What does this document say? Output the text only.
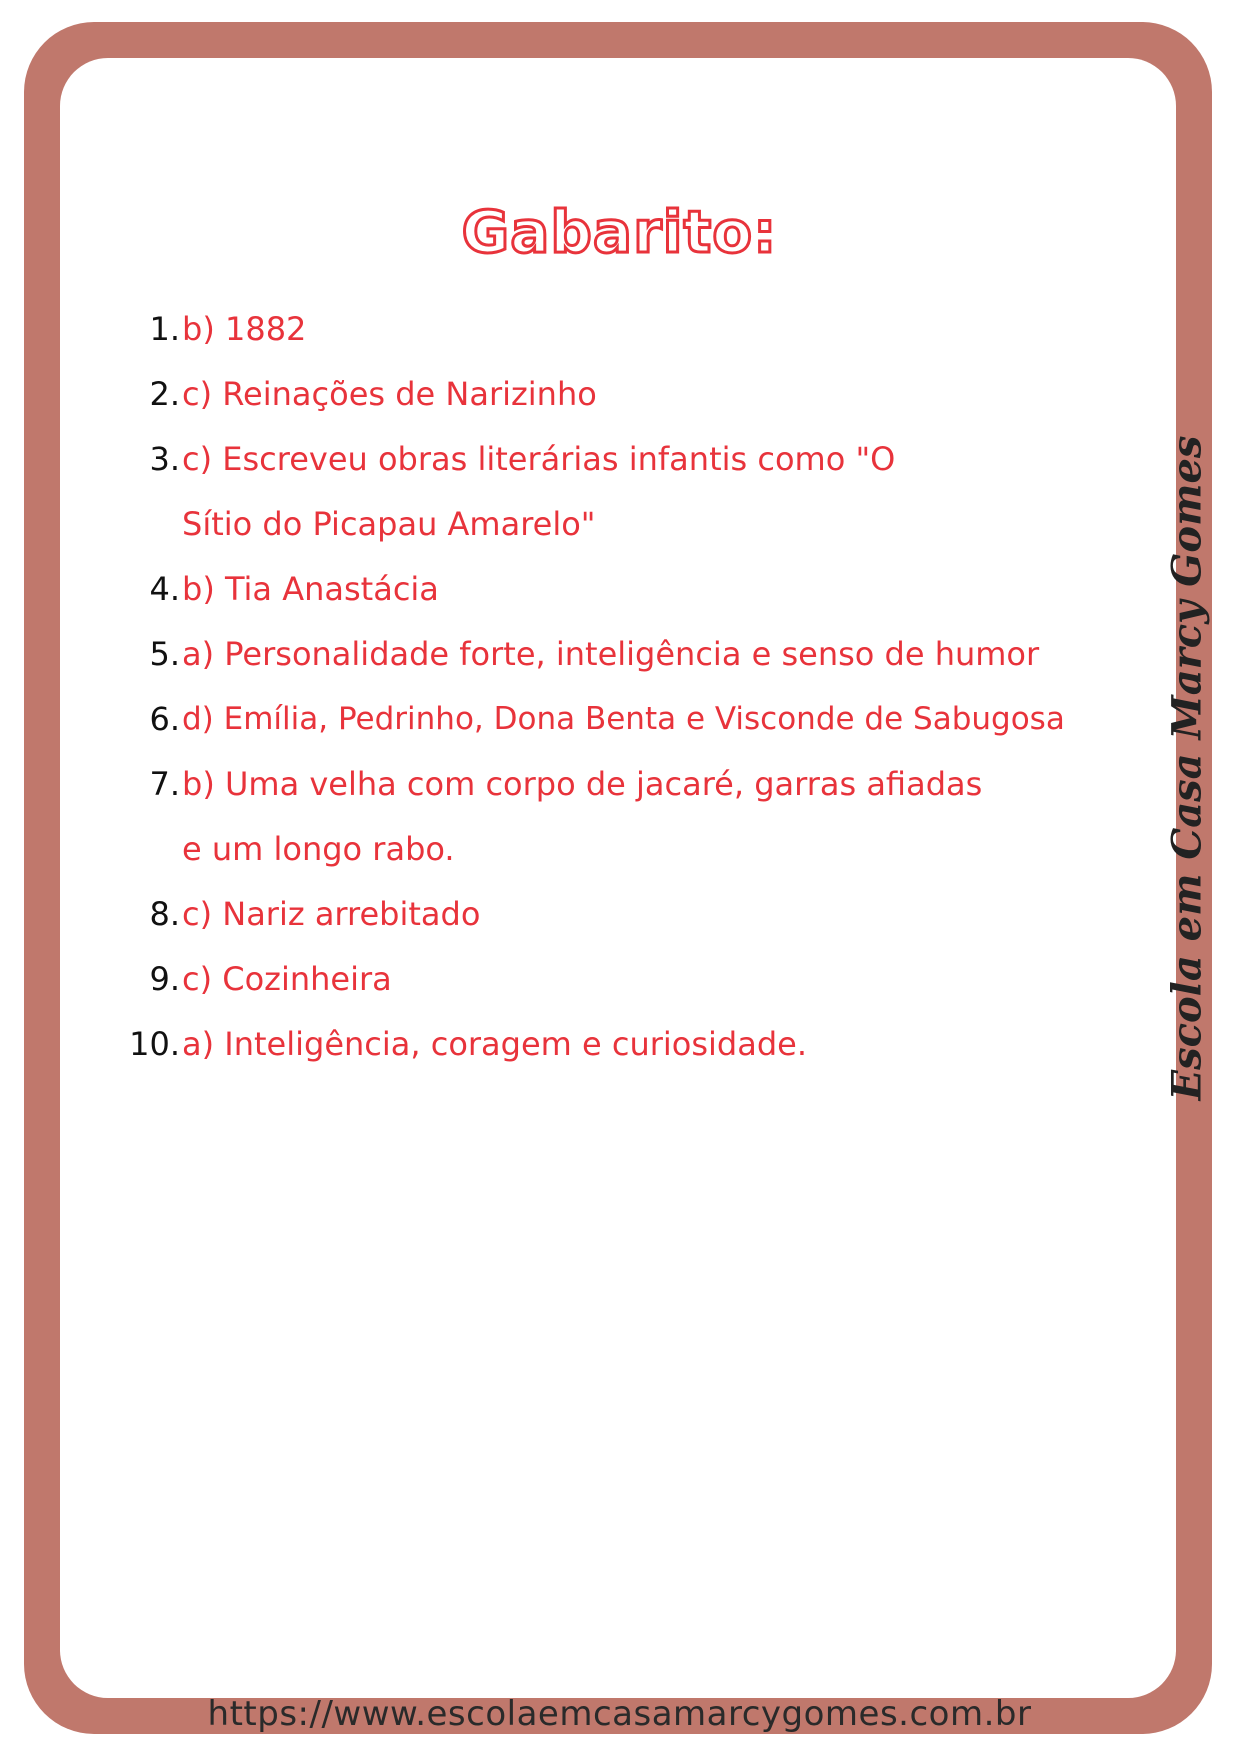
Gabarito:
1. b) 1882
2. c) Reinações de Narizinho
3. c) Escreveu obras literárias infantis como "O Sítio do Picapau Amarelo"
4. b) Tia Anastácia
5. a) Personalidade forte, inteligência e senso de humor
6. d) Emília, Pedrinho, Dona Benta e Visconde de Sabugosa
7. b) Uma velha com corpo de jacaré, garras afiadas e um longo rabo.
8. c) Nariz arrebitado
9. c) Cozinheira
10. a) Inteligência, coragem e curiosidade.	Escola em Casa Marcy Gomes
https://www.escolaemcasamarcygomes.com.br
